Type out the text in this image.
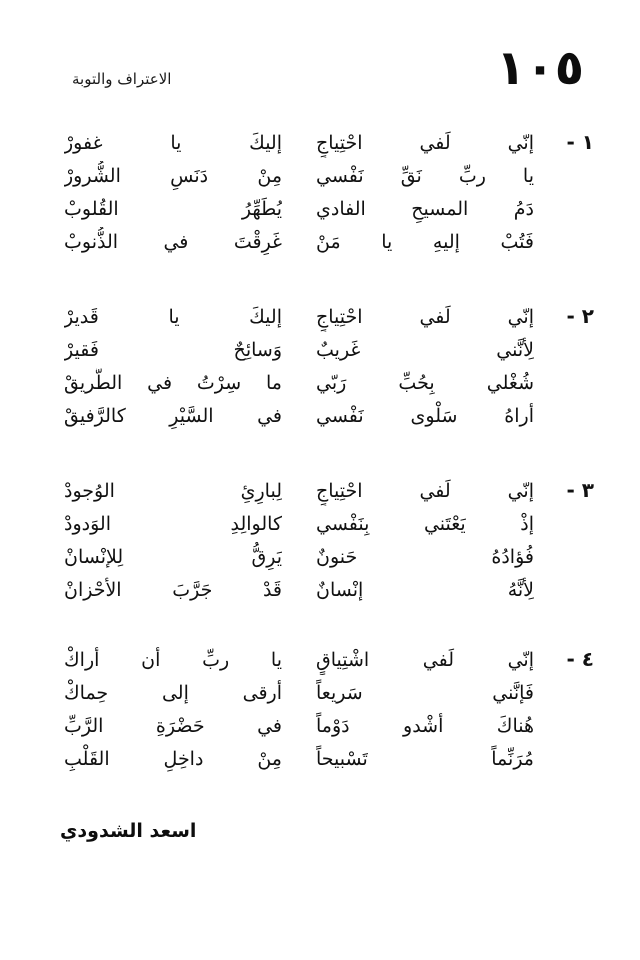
١٠٥
الاعتراف والتوبة
١ -
إنّي لَفي احْتِياجٍ
إليكَ يا غفورْ
يا ربِّ نَقِّ نَفْسي
مِنْ دَنَسِ الشُّرورْ
دَمُ المسيحِ الفادي
يُطَهِّرُ القُلوبْ
فَتُبْ إليهِ يا مَنْ
غَرِقْتَ في الذُّنوبْ
٢ -
إنّي لَفي احْتِياجٍ
إليكَ يا قَديرْ
لِأنَّني غَريبٌ
وَسائِحٌ فَقيرْ
شُغْلي بِحُبِّ رَبّي
ما سِرْتُ في الطَّريقْ
أراهُ سَلْوى نَفْسي
في السَّيْرِ كالرَّفيقْ
٣ -
إنّي لَفي احْتِياجٍ
لِبارِئِ الوُجودْ
إذْ يَعْتَني بِنَفْسي
كالوالِدِ الوَدودْ
فُؤادُهُ حَنونٌ
يَرِقُّ لِلإنْسانْ
لِأنَّهُ إنْسانٌ
قَدْ جَرَّبَ الأحْزانْ
٤ -
إنّي لَفي اشْتِياقٍ
يا ربِّ أن أراكْ
فَإنَّني سَريعاً
أرقى إلى حِماكْ
هُناكَ أشْدو دَوْماً
في حَضْرَةِ الرَّبِّ
مُرَنِّماً تَسْبيحاً
مِنْ داخِلِ القَلْبِ
اسعد الشدودي
